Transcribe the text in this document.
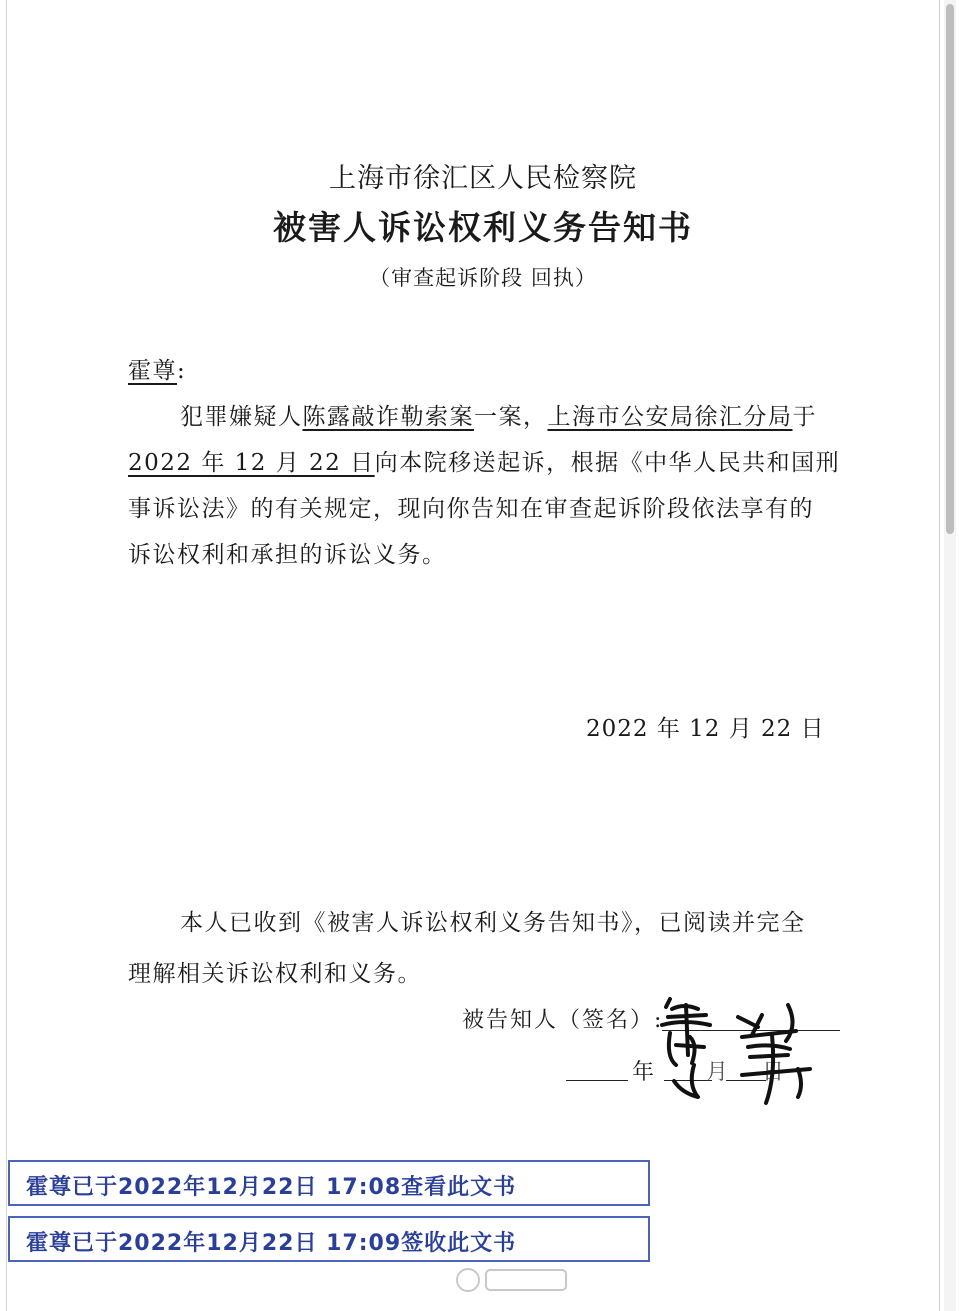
上海市徐汇区人民检察院
被害人诉讼权利义务告知书
（审查起诉阶段 回执）
霍尊:
犯罪嫌疑人陈露敲诈勒索案一案，上海市公安局徐汇分局于
2022 年 12 月 22 日向本院移送起诉，根据《中华人民共和国刑
事诉讼法》的有关规定，现向你告知在审查起诉阶段依法享有的
诉讼权利和承担的诉讼义务。
2022 年 12 月 22 日
本人已收到《被害人诉讼权利义务告知书》，已阅读并完全
理解相关诉讼权利和义务。
被告知人（签名）:
年 月 日
霍尊已于2022年12月22日 17:08查看此文书
霍尊已于2022年12月22日 17:09签收此文书
